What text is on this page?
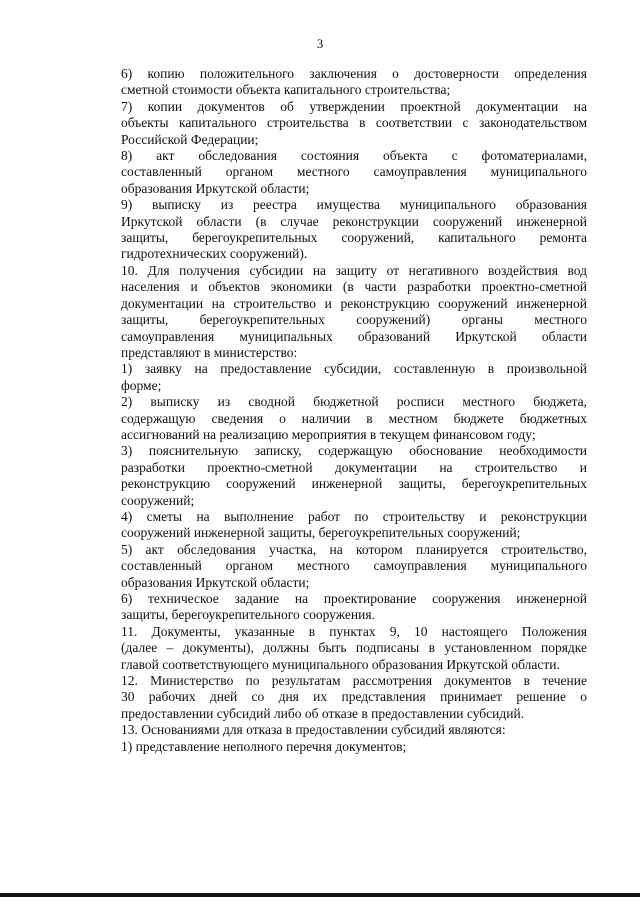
3

6) копию положительного заключения о достоверности определения
сметной стоимости объекта капитального строительства;

7) копии документов об утверждении проектной документации на
объекты капитального строительства в соответствии с законодательством
Российской Федерации;

8) акт обследования состояния объекта с фотоматериалами,
составленный органом местного самоуправления муниципального
образования Иркутской области;

9) выписку из реестра имущества муниципального образования
Иркутской области (в случае реконструкции сооружений инженерной
защиты, берегоукрепительных сооружений, капитального ремонта
гидротехнических сооружений).

10. Для получения субсидии на защиту от негативного воздействия вод
населения и объектов экономики (в части разработки проектно-сметной
документации на строительство и реконструкцию сооружений инженерной
защиты, берегоукрепительных сооружений) органы местного
самоуправления муниципальных образований Иркутской области
представляют в министерство:

1) заявку на предоставление субсидии, составленную в произвольной
форме;

2) выписку из сводной бюджетной росписи местного бюджета,
содержащую сведения о наличии в местном бюджете бюджетных
ассигнований на реализацию мероприятия в текущем финансовом году;

3) пояснительную записку, содержащую обоснование необходимости
разработки проектно-сметной документации на строительство и
реконструкцию сооружений инженерной защиты, берегоукрепительных
сооружений;

4) сметы на выполнение работ по строительству и реконструкции
сооружений инженерной защиты, берегоукрепительных сооружений;

5) акт обследования участка, на котором планируется строительство,
составленный органом местного самоуправления муниципального
образования Иркутской области;

6) техническое задание на проектирование сооружения инженерной
защиты, берегоукрепительного сооружения.

11. Документы, указанные в пунктах 9, 10 настоящего Положения
(далее – документы), должны быть подписаны в установленном порядке
главой соответствующего муниципального образования Иркутской области.

12. Министерство по результатам рассмотрения документов в течение
30 рабочих дней со дня их представления принимает решение о
предоставлении субсидий либо об отказе в предоставлении субсидий.

13. Основаниями для отказа в предоставлении субсидий являются:

1) представление неполного перечня документов;
